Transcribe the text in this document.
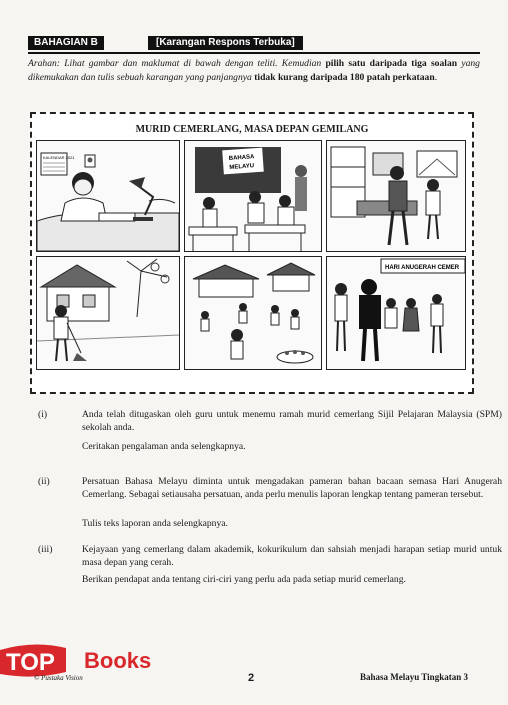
BAHAGIAN B	[Karangan Respons Terbuka]
Arahan: Lihat gambar dan maklumat di bawah dengan teliti. Kemudian pilih satu daripada tiga soalan yang dikemukakan dan tulis sebuah karangan yang panjangnya tidak kurang daripada 180 patah perkataan.
MURID CEMERLANG, MASA DEPAN GEMILANG
KALENDAR 2021	BAHASA
MELAYU
HARI ANUGERAH CEMER
(i)	Anda telah ditugaskan oleh guru untuk menemu ramah murid cemerlang Sijil Pelajaran Malaysia (SPM) sekolah anda.
Ceritakan pengalaman anda selengkapnya.
(ii)	Persatuan Bahasa Melayu diminta untuk mengadakan pameran bahan bacaan semasa Hari Anugerah Cemerlang. Sebagai setiausaha persatuan, anda perlu menulis laporan lengkap tentang pameran tersebut.
Tulis teks laporan anda selengkapnya.
(iii)	Kejayaan yang cemerlang dalam akademik, kokurikulum dan sahsiah menjadi harapan setiap murid untuk masa depan yang cerah.
Berikan pendapat anda tentang ciri-ciri yang perlu ada pada setiap murid cemerlang.
TOP Books
© Pustaka Vision	2	Bahasa Melayu Tingkatan 3
